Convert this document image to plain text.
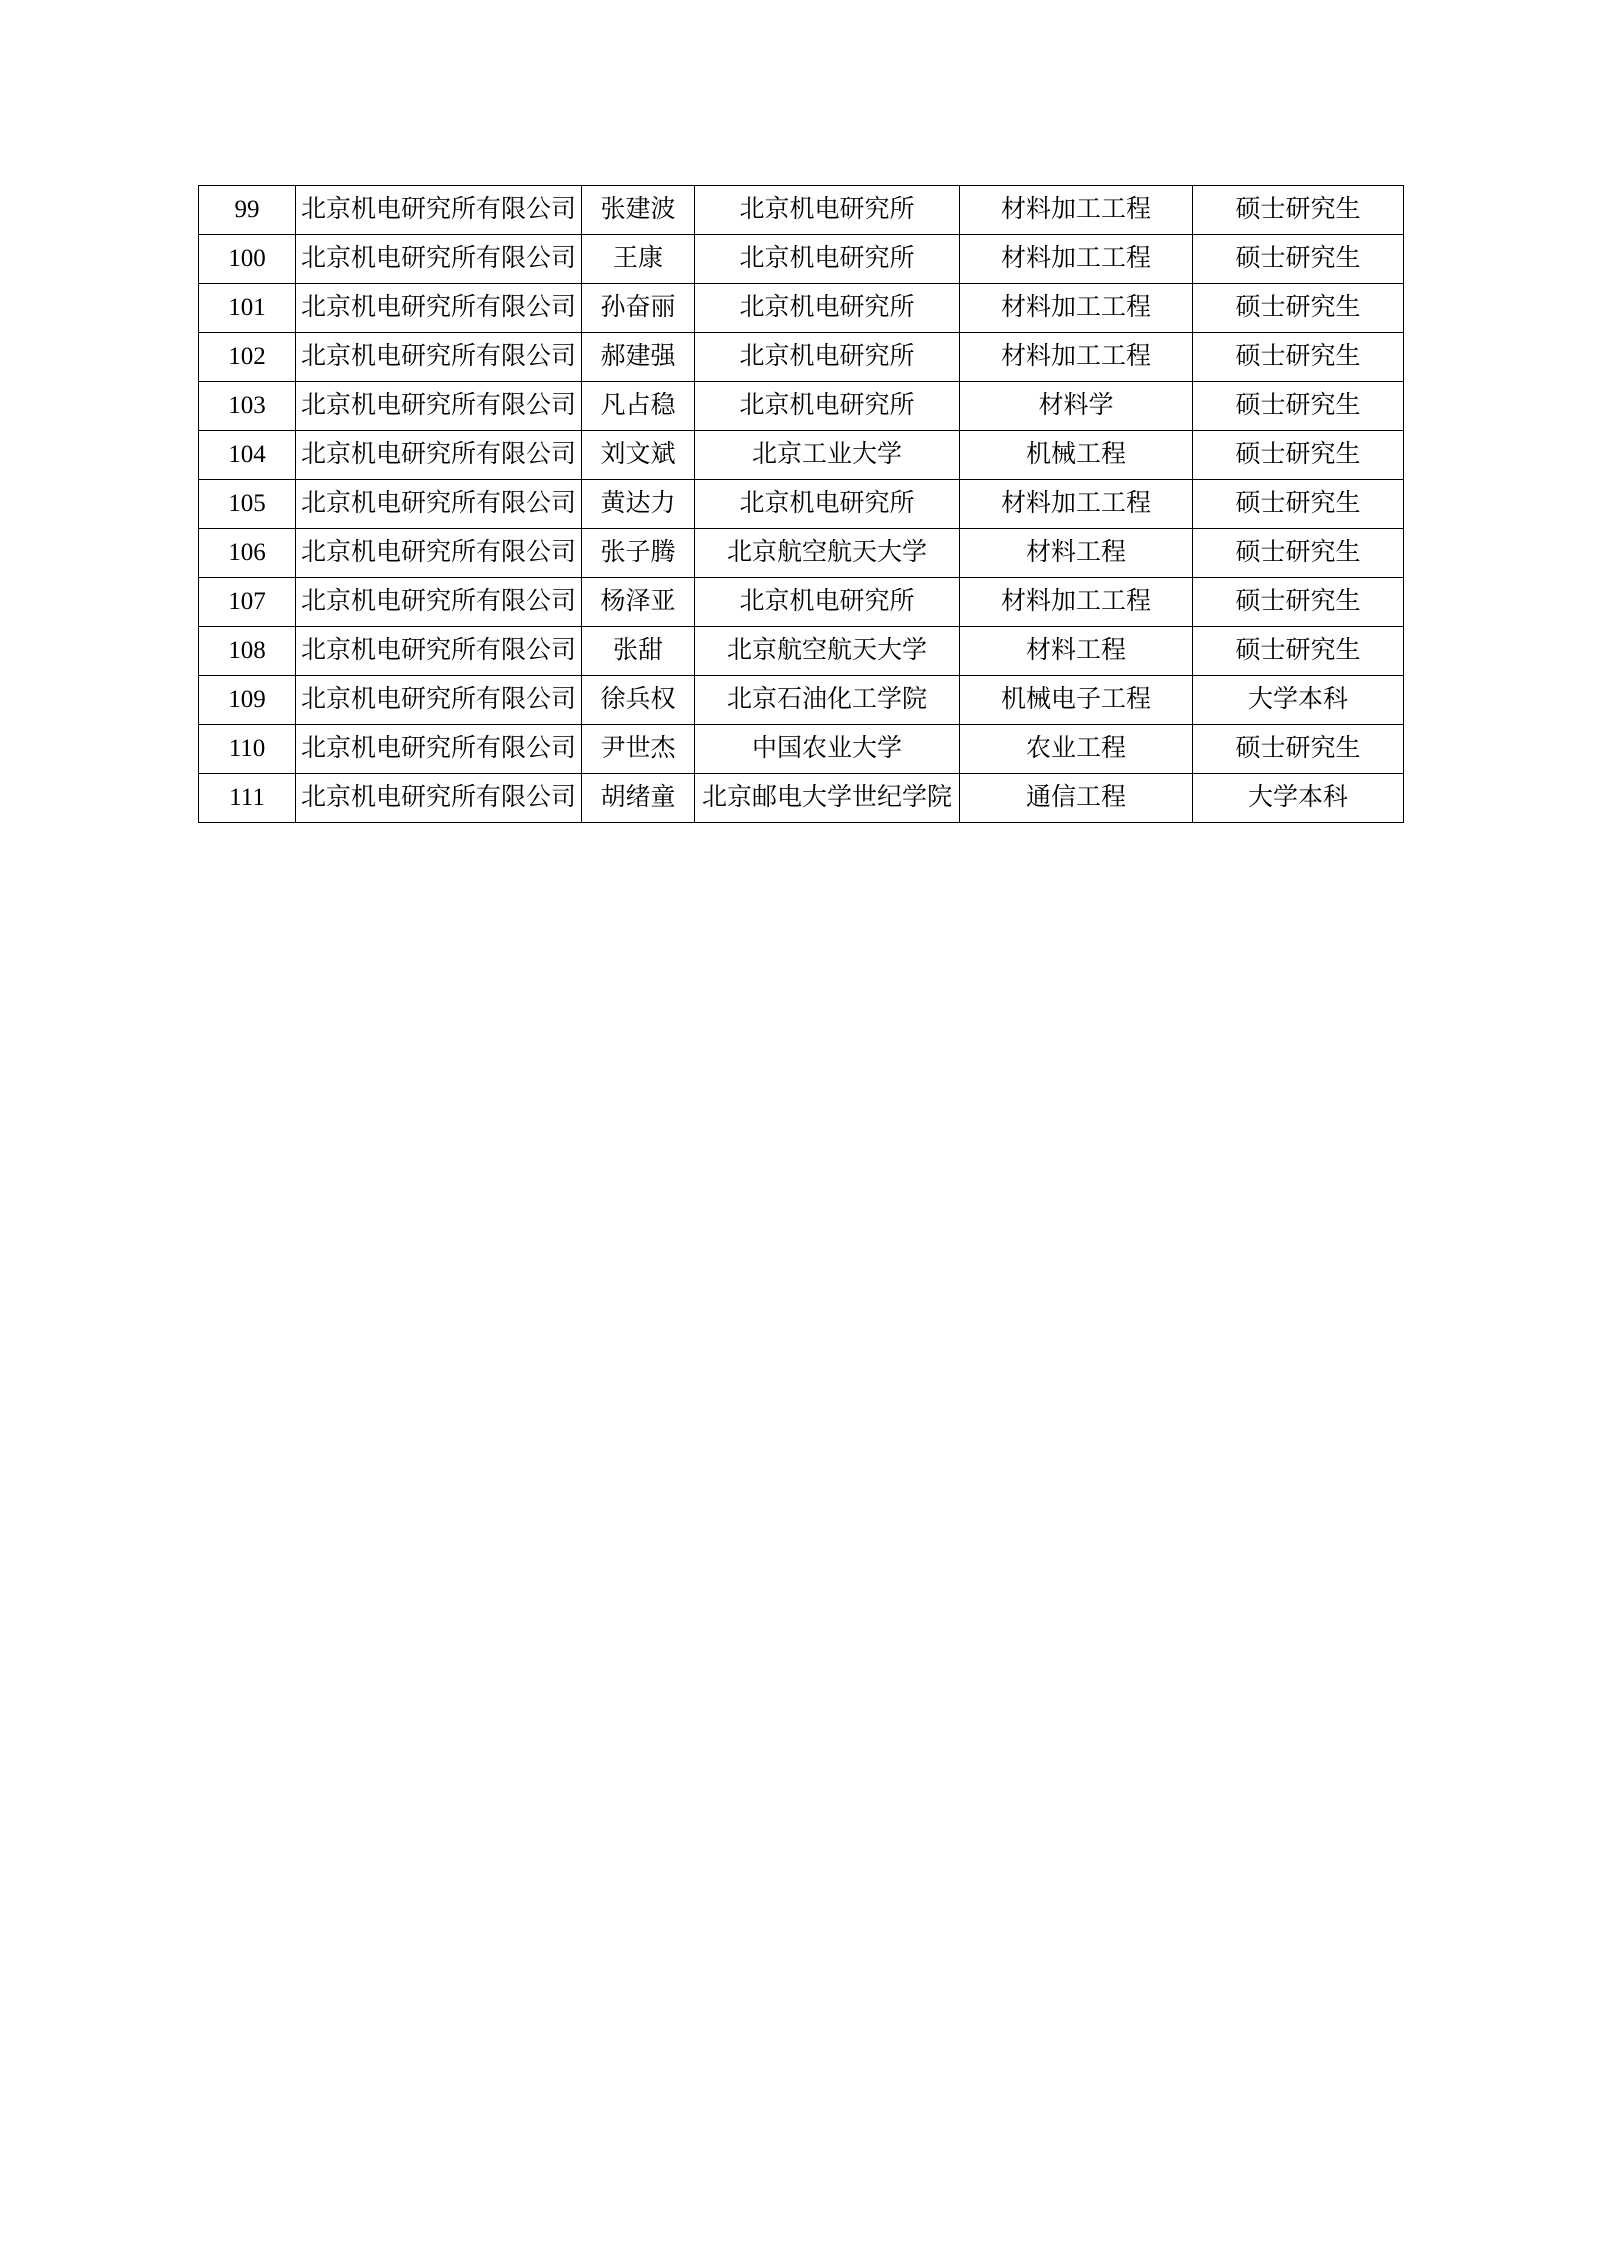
99	北京机电研究所有限公司	张建波	北京机电研究所	材料加工工程	硕士研究生
100	北京机电研究所有限公司	王康	北京机电研究所	材料加工工程	硕士研究生
101	北京机电研究所有限公司	孙奋丽	北京机电研究所	材料加工工程	硕士研究生
102	北京机电研究所有限公司	郝建强	北京机电研究所	材料加工工程	硕士研究生
103	北京机电研究所有限公司	凡占稳	北京机电研究所	材料学	硕士研究生
104	北京机电研究所有限公司	刘文斌	北京工业大学	机械工程	硕士研究生
105	北京机电研究所有限公司	黄达力	北京机电研究所	材料加工工程	硕士研究生
106	北京机电研究所有限公司	张子腾	北京航空航天大学	材料工程	硕士研究生
107	北京机电研究所有限公司	杨泽亚	北京机电研究所	材料加工工程	硕士研究生
108	北京机电研究所有限公司	张甜	北京航空航天大学	材料工程	硕士研究生
109	北京机电研究所有限公司	徐兵权	北京石油化工学院	机械电子工程	大学本科
110	北京机电研究所有限公司	尹世杰	中国农业大学	农业工程	硕士研究生
111	北京机电研究所有限公司	胡绪童	北京邮电大学世纪学院	通信工程	大学本科
